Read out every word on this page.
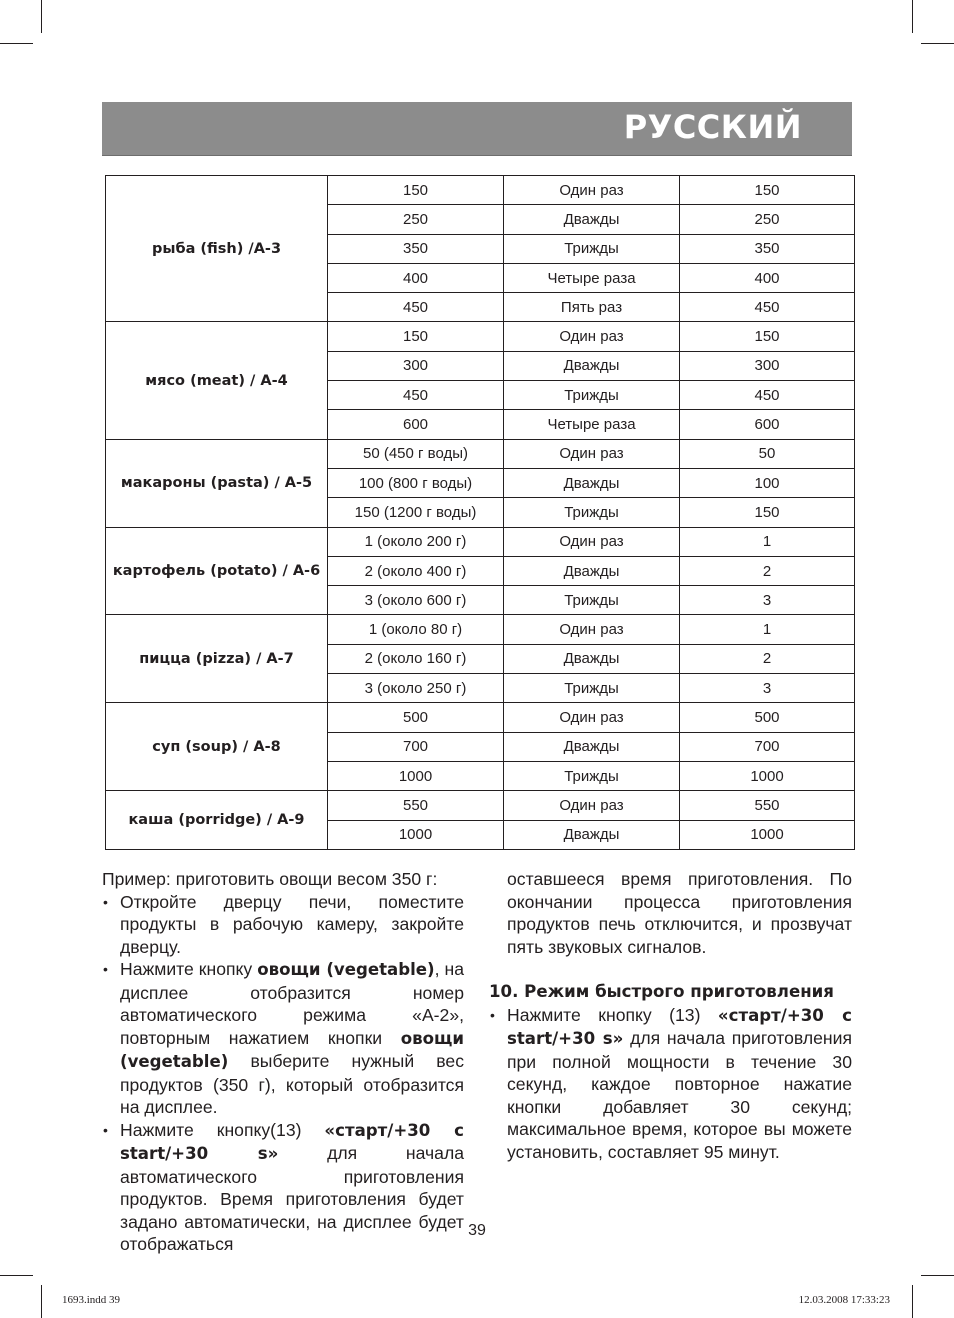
РУССКИЙ
рыба (fish) /A-3	150	Один раз	150
	250	Дважды	250
	350	Трижды	350
	400	Четыре раза	400
	450	Пять раз	450
мясо (meat) / A-4	150	Один раз	150
	300	Дважды	300
	450	Трижды	450
	600	Четыре раза	600
макароны (pasta) / A-5	50 (450 г воды)	Один раз	50
	100 (800 г воды)	Дважды	100
	150 (1200 г воды)	Трижды	150
картофель (potato) / A-6	1 (около 200 г)	Один раз	1
	2 (около 400 г)	Дважды	2
	3 (около 600 г)	Трижды	3
пицца (pizza) / A-7	1 (около 80 г)	Один раз	1
	2 (около 160 г)	Дважды	2
	3 (около 250 г)	Трижды	3
суп (soup) / A-8	500	Один раз	500
	700	Дважды	700
	1000	Трижды	1000
каша (porridge) / A-9	550	Один раз	550
	1000	Дважды	1000

Пример: приготовить овощи весом 350 г:

• Откройте дверцу печи, поместите продукты в рабочую камеру, закройте дверцу.
• Нажмите кнопку овощи (vegetable), на дисплее отобразится номер автоматического режима «А-2», повторным нажатием кнопки овощи (vegetable) выберите нужный вес продуктов (350 г), который отобразится на дисплее.
• Нажмите кнопку(13) «старт/+30 с start/+30 s» для начала автоматического приготовления продуктов. Время приготовления будет задано автоматически, на дисплее будет отображаться

оставшееся время приготовления. По окончании процесса приготовления продуктов печь отключится, и прозвучат пять звуковых сигналов.

10. Режим быстрого приготовления
• Нажмите кнопку (13) «старт/+30 с start/+30 s» для начала приготовления при полной мощности в течение 30 секунд, каждое повторное нажатие кнопки добавляет 30 секунд; максимальное время, которое вы можете установить, составляет 95 минут.
39
1693.indd 39	12.03.2008 17:33:23
